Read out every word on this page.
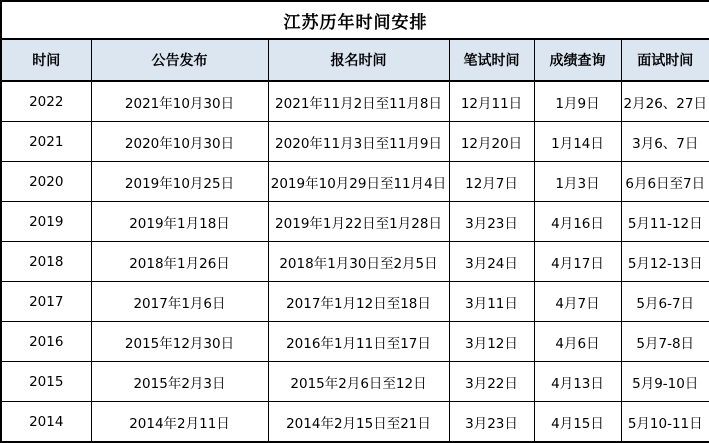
江苏历年时间安排					
时间	公告发布	报名时间	笔试时间	成绩查询	面试时间
2022	2021年10月30日	2021年11月2日至11月8日	12月11日	1月9日	2月26、27日
2021	2020年10月30日	2020年11月3日至11月9日	12月20日	1月14日	3月6、7日
2020	2019年10月25日	2019年10月29日至11月4日	12月7日	1月3日	6月6日至7日
2019	2019年1月18日	2019年1月22日至1月28日	3月23日	4月16日	5月11-12日
2018	2018年1月26日	2018年1月30日至2月5日	3月24日	4月17日	5月12-13日
2017	2017年1月6日	2017年1月12日至18日	3月11日	4月7日	5月6-7日
2016	2015年12月30日	2016年1月11日至17日	3月12日	4月6日	5月7-8日
2015	2015年2月3日	2015年2月6日至12日	3月22日	4月13日	5月9-10日
2014	2014年2月11日	2014年2月15日至21日	3月23日	4月15日	5月10-11日
